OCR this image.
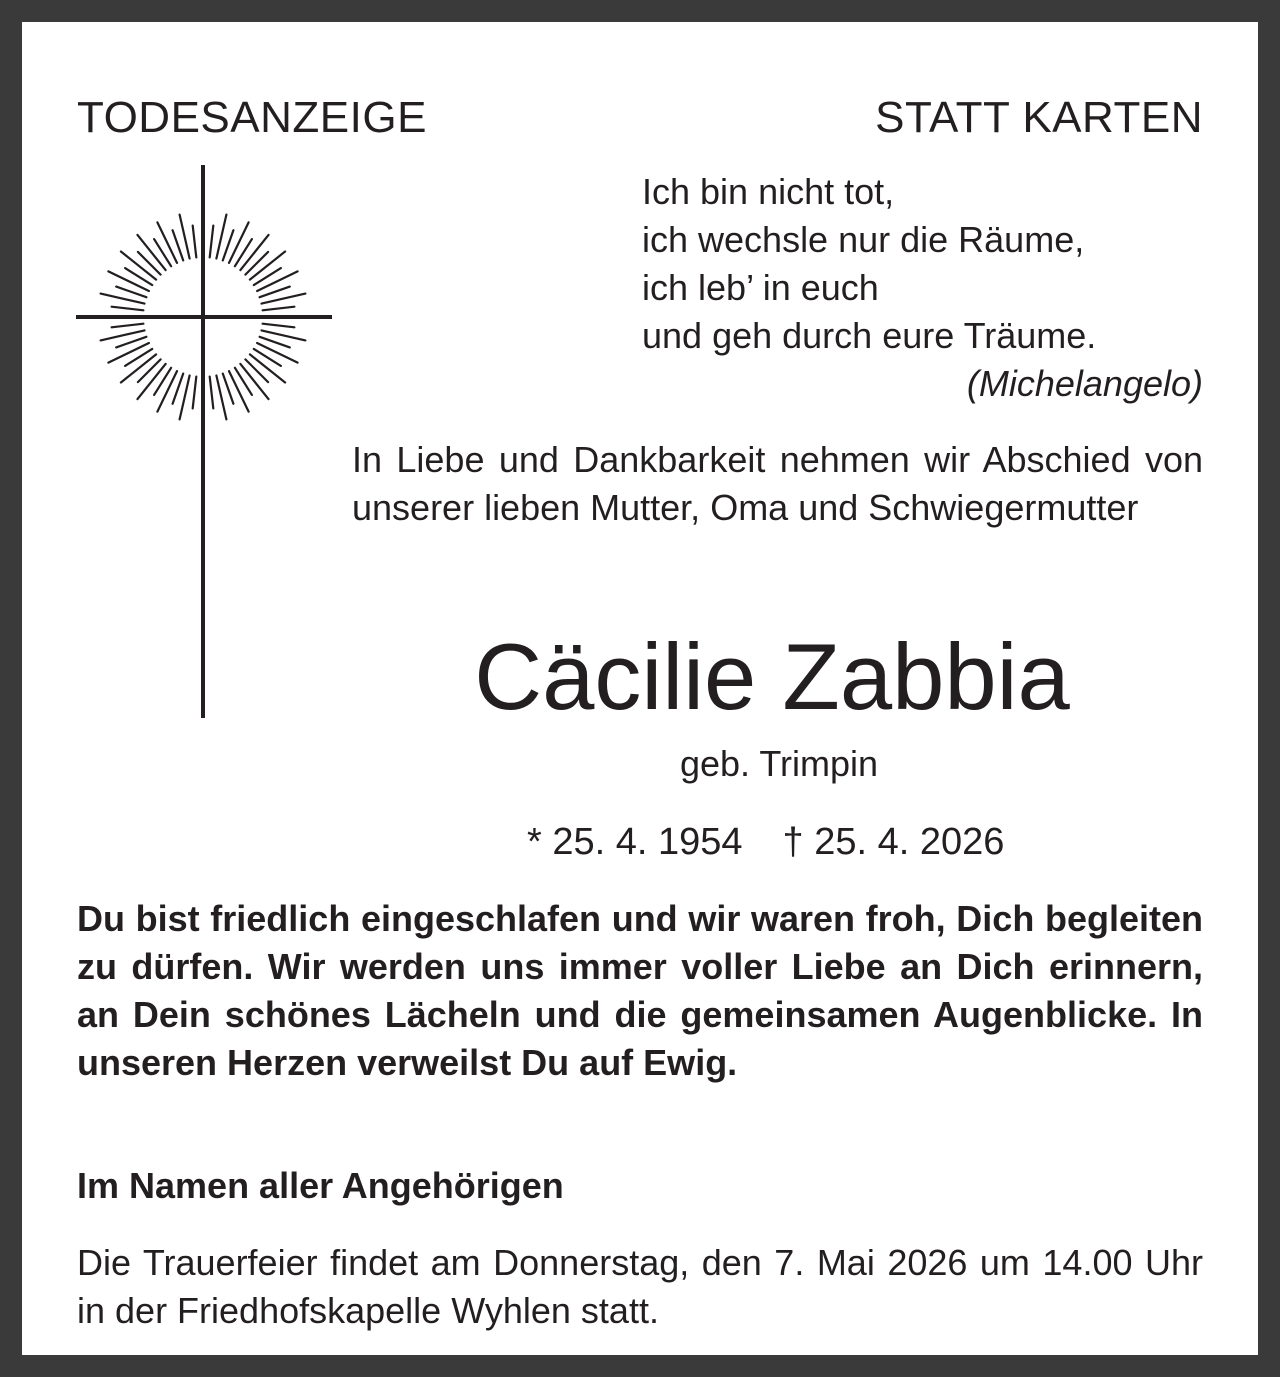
TODESANZEIGE	STATT KARTEN
Ich bin nicht tot,
ich wechsle nur die Räume,
ich leb’ in euch
und geh durch eure Träume.
(Michelangelo)

In Liebe und Dankbarkeit nehmen wir Abschied von unserer lieben Mutter, Oma und Schwiegermutter

Cäcilie Zabbia
geb. Trimpin
* 25. 4. 1954 † 25. 4. 2026

Du bist friedlich eingeschlafen und wir waren froh, Dich begleiten zu dürfen. Wir werden uns immer voller Liebe an Dich erinnern, an Dein schönes Lächeln und die gemeinsamen Augenblicke. In unseren Herzen verweilst Du auf Ewig.

Im Namen aller Angehörigen

Die Trauerfeier findet am Donnerstag, den 7. Mai 2026 um 14.00 Uhr in der Friedhofskapelle Wyhlen statt.
